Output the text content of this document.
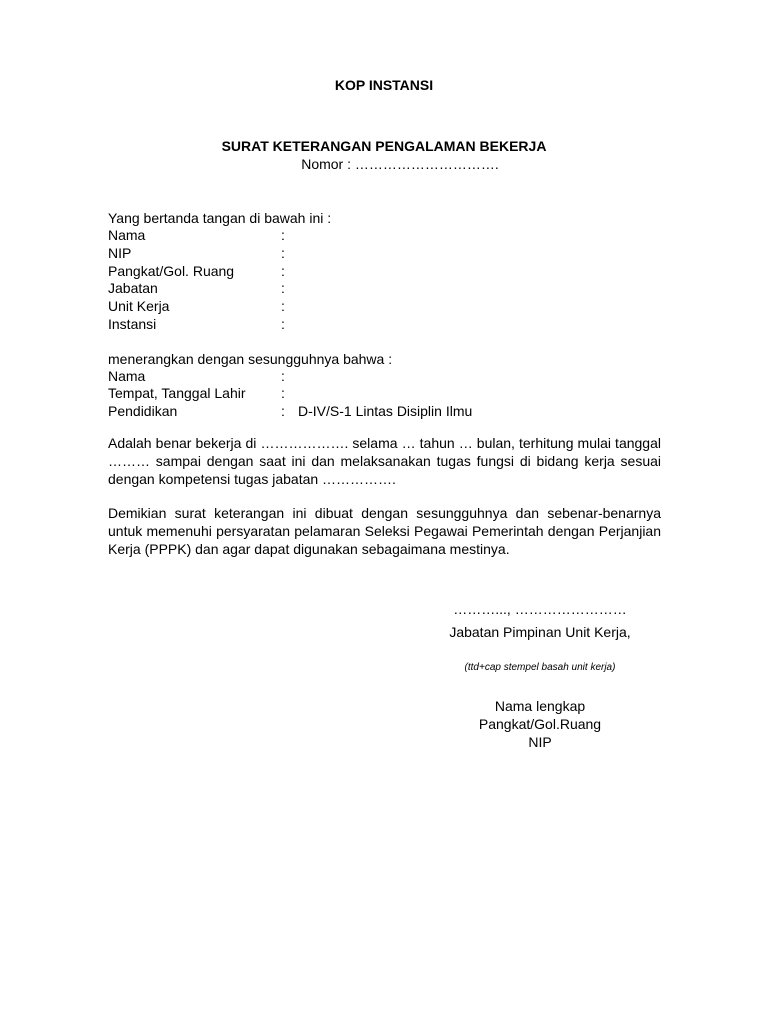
KOP INSTANSI
SURAT KETERANGAN PENGALAMAN BEKERJA
Nomor : ………………………….
Yang bertanda tangan di bawah ini :
Nama	:
NIP	:
Pangkat/Gol. Ruang	:
Jabatan	:
Unit Kerja	:
Instansi	:
menerangkan dengan sesungguhnya bahwa :
Nama	:
Tempat, Tanggal Lahir	:
Pendidikan	: D-IV/S-1 Lintas Disiplin Ilmu
Adalah benar bekerja di ………………. selama … tahun … bulan, terhitung mulai tanggal ……… sampai dengan saat ini dan melaksanakan tugas fungsi di bidang kerja sesuai dengan kompetensi tugas jabatan …………….
Demikian surat keterangan ini dibuat dengan sesungguhnya dan sebenar-benarnya untuk memenuhi persyaratan pelamaran Seleksi Pegawai Pemerintah dengan Perjanjian Kerja (PPPK) dan agar dapat digunakan sebagaimana mestinya.
………..., ……………………
Jabatan Pimpinan Unit Kerja,
(ttd+cap stempel basah unit kerja)
Nama lengkap
Pangkat/Gol.Ruang
NIP
